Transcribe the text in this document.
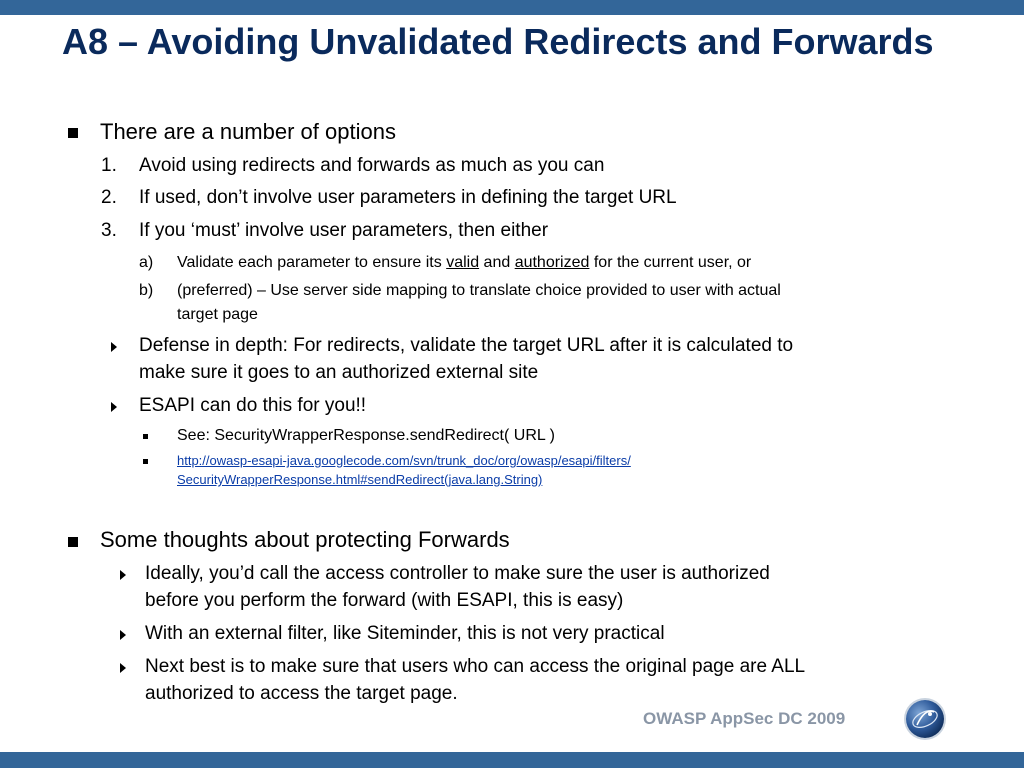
A8 – Avoiding Unvalidated Redirects and Forwards
There are a number of options
1. Avoid using redirects and forwards as much as you can
2. If used, don’t involve user parameters in defining the target URL
3. If you ‘must’ involve user parameters, then either
a) Validate each parameter to ensure its valid and authorized for the current user, or
b) (preferred) – Use server side mapping to translate choice provided to user with actual
target page
Defense in depth: For redirects, validate the target URL after it is calculated to
make sure it goes to an authorized external site
ESAPI can do this for you!!
See: SecurityWrapperResponse.sendRedirect( URL )
http://owasp-esapi-java.googlecode.com/svn/trunk_doc/org/owasp/esapi/filters/
SecurityWrapperResponse.html#sendRedirect(java.lang.String)
Some thoughts about protecting Forwards
Ideally, you’d call the access controller to make sure the user is authorized
before you perform the forward (with ESAPI, this is easy)
With an external filter, like Siteminder, this is not very practical
Next best is to make sure that users who can access the original page are ALL
authorized to access the target page.
OWASP AppSec DC 2009
